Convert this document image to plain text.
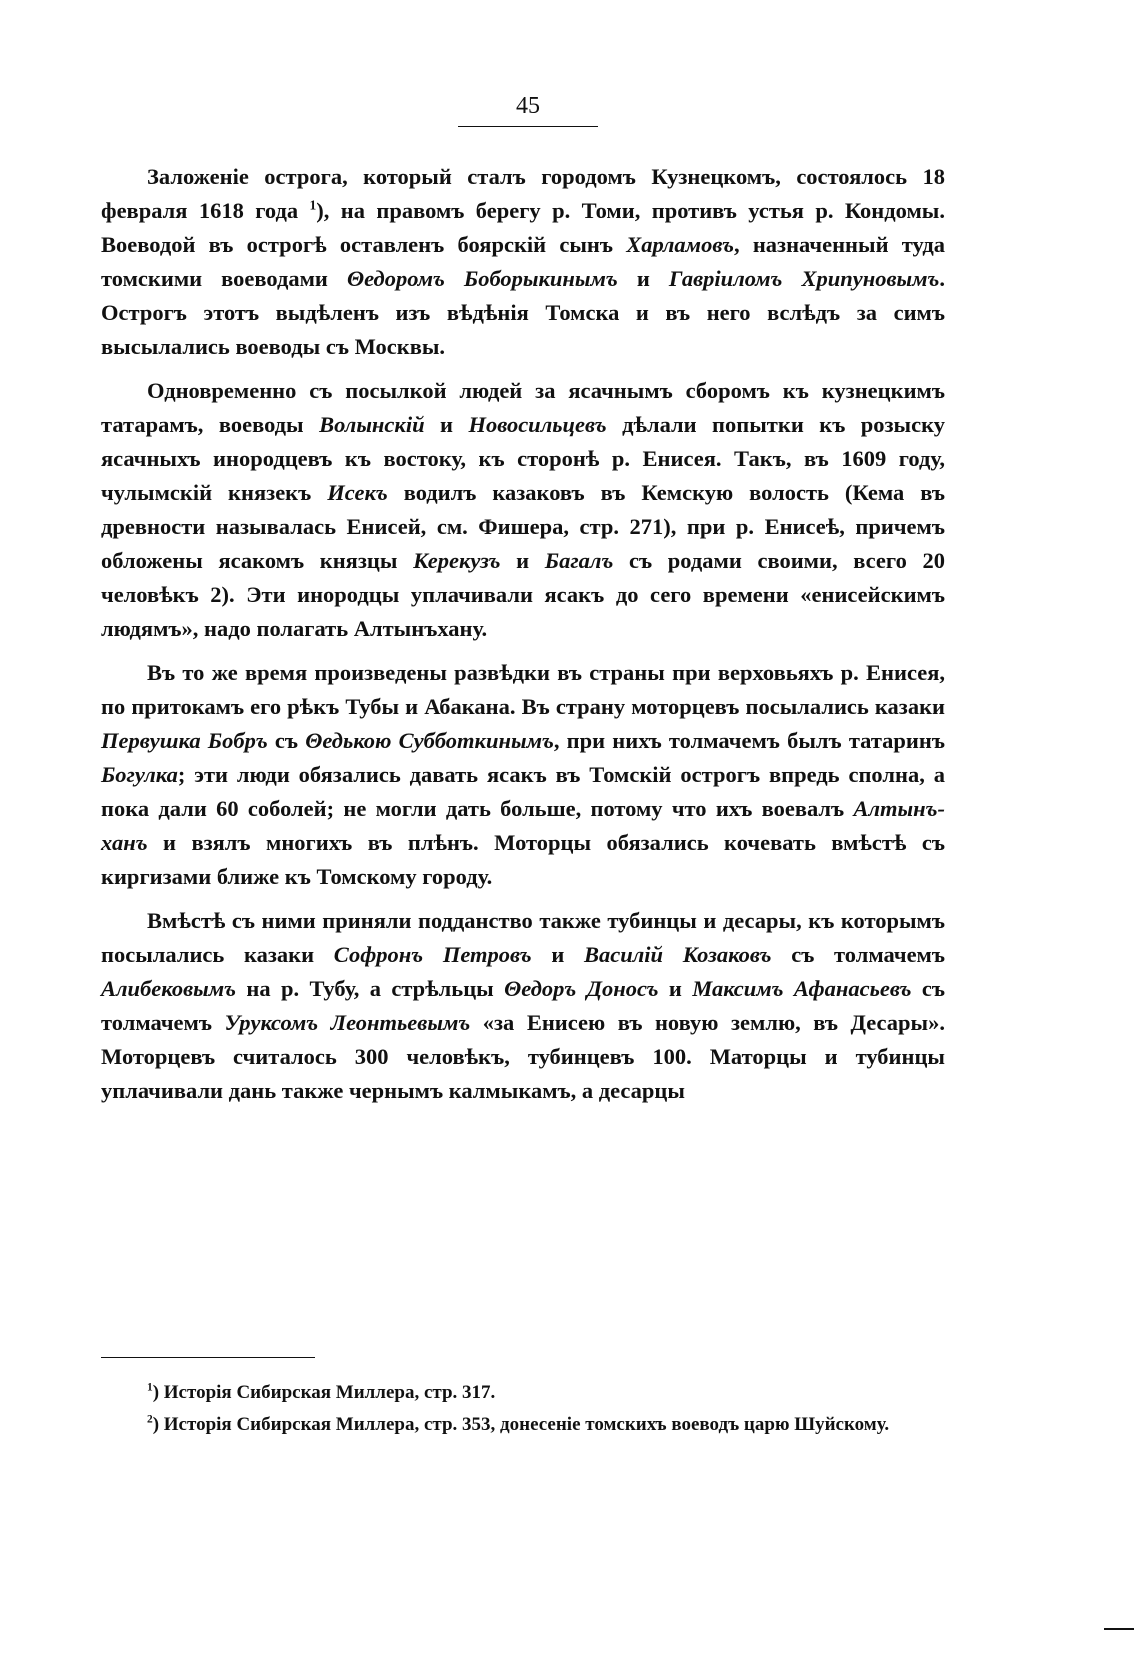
45

Заложеніе острога, который сталъ городомъ Кузнецкомъ, состоялось 18 февраля 1618 года $^1$), на правомъ берегу р. Томи, противъ устья р. Кондомы. Воеводой въ острогѣ оставленъ боярскій сынъ Харламовъ, назначенный туда томскими воеводами Θедоромъ Боборыкинымъ и Гавріиломъ Хрипуновымъ. Острогъ этотъ выдѣленъ изъ вѣдѣнія Томска и въ него вслѣдъ за симъ высылались воеводы съ Москвы.

Одновременно съ посылкой людей за ясачнымъ сборомъ къ кузнецкимъ татарамъ, воеводы Волынскій и Новосильцевъ дѣлали попытки къ розыску ясачныхъ инородцевъ къ востоку, къ сторонѣ р. Енисея. Такъ, въ 1609 году, чулымскій князекъ Исекъ водилъ казаковъ въ Кемскую волость (Кема въ древности называлась Енисей, см. Фишера, стр. 271), при р. Енисеѣ, причемъ обложены ясакомъ князцы Керекузъ и Багалъ съ родами своими, всего 20 человѣкъ 2). Эти инородцы уплачивали ясакъ до сего времени «енисейскимъ людямъ», надо полагать Алтынъхану.

Въ то же время произведены развѣдки въ страны при верховьяхъ р. Енисея, по притокамъ его рѣкъ Тубы и Абакана. Въ страну моторцевъ посылались казаки Первушка Бобръ съ Θедькою Субботкинымъ, при нихъ толмачемъ былъ татаринъ Богулка; эти люди обязались давать ясакъ въ Томскій острогъ впредь сполна, а пока дали 60 соболей; не могли дать больше, потому что ихъ воевалъ Алтынъ-ханъ и взялъ многихъ въ плѣнъ. Моторцы обязались кочевать вмѣстѣ съ киргизами ближе къ Томскому городу.

Вмѣстѣ съ ними приняли подданство также тубинцы и десары, къ которымъ посылались казаки Софронъ Петровъ и Василій Козаковъ съ толмачемъ Алибековымъ на р. Тубу, а стрѣльцы Θедоръ Доносъ и Максимъ Афанасьевъ съ толмачемъ Урyксомъ Леонтьевымъ «за Енисею въ новую землю, въ Десары». Моторцевъ считалось 300 человѣкъ, тубинцевъ 100. Маторцы и тубинцы уплачивали дань также чернымъ калмыкамъ, а десарцы

$^1$) Исторія Сибирская Миллера, стр. 317.

$^2$) Исторія Сибирская Миллера, стр. 353, донесеніе томскихъ воеводъ царю Шуйскому.
